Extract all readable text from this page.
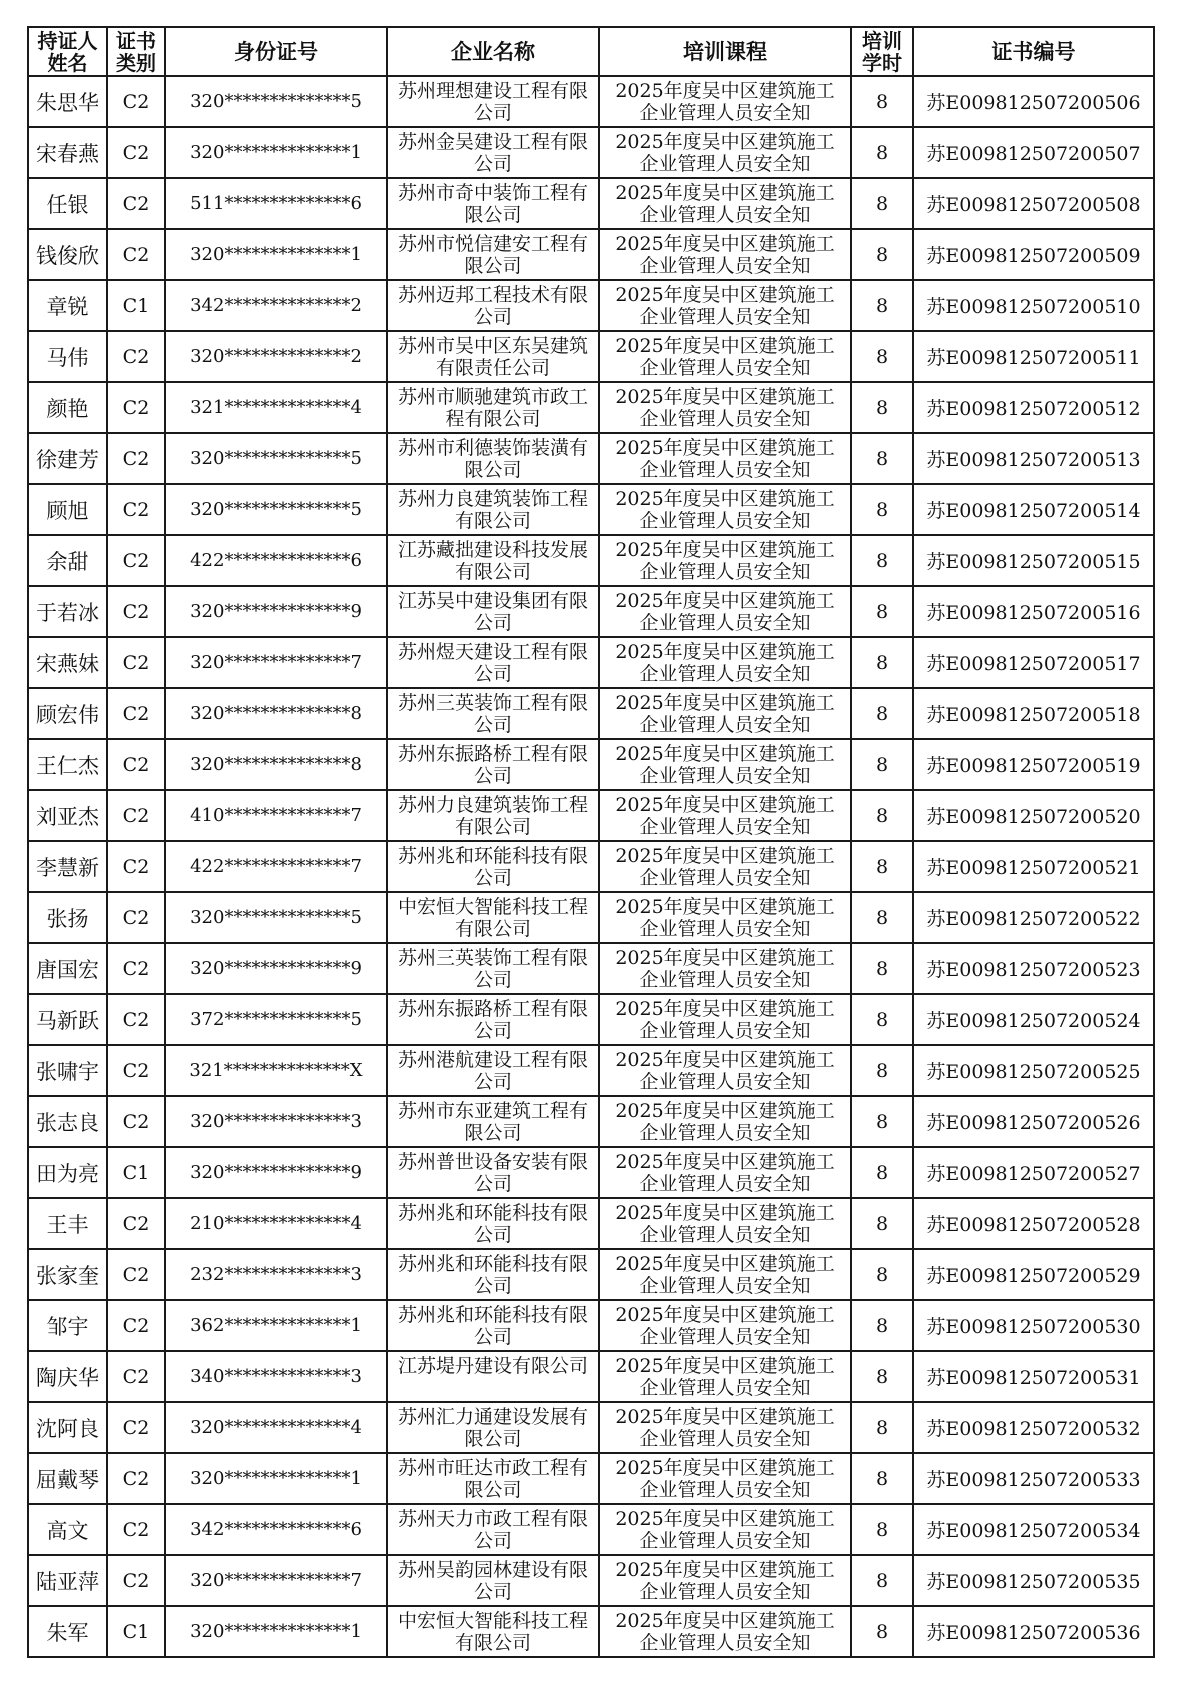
持证人姓名	证书类别	身份证号	企业名称	培训课程	培训学时	证书编号
朱思华	C2	320**************5	苏州理想建设工程有限公司	2025年度吴中区建筑施工企业管理人员安全知	8	苏E009812507200506
宋春燕	C2	320**************1	苏州金吴建设工程有限公司	2025年度吴中区建筑施工企业管理人员安全知	8	苏E009812507200507
任银	C2	511**************6	苏州市奇中装饰工程有限公司	2025年度吴中区建筑施工企业管理人员安全知	8	苏E009812507200508
钱俊欣	C2	320**************1	苏州市悦信建安工程有限公司	2025年度吴中区建筑施工企业管理人员安全知	8	苏E009812507200509
章锐	C1	342**************2	苏州迈邦工程技术有限公司	2025年度吴中区建筑施工企业管理人员安全知	8	苏E009812507200510
马伟	C2	320**************2	苏州市吴中区东吴建筑有限责任公司	2025年度吴中区建筑施工企业管理人员安全知	8	苏E009812507200511
颜艳	C2	321**************4	苏州市顺驰建筑市政工程有限公司	2025年度吴中区建筑施工企业管理人员安全知	8	苏E009812507200512
徐建芳	C2	320**************5	苏州市利德装饰装潢有限公司	2025年度吴中区建筑施工企业管理人员安全知	8	苏E009812507200513
顾旭	C2	320**************5	苏州力良建筑装饰工程有限公司	2025年度吴中区建筑施工企业管理人员安全知	8	苏E009812507200514
余甜	C2	422**************6	江苏藏拙建设科技发展有限公司	2025年度吴中区建筑施工企业管理人员安全知	8	苏E009812507200515
于若冰	C2	320**************9	江苏吴中建设集团有限公司	2025年度吴中区建筑施工企业管理人员安全知	8	苏E009812507200516
宋燕妹	C2	320**************7	苏州煜天建设工程有限公司	2025年度吴中区建筑施工企业管理人员安全知	8	苏E009812507200517
顾宏伟	C2	320**************8	苏州三英装饰工程有限公司	2025年度吴中区建筑施工企业管理人员安全知	8	苏E009812507200518
王仁杰	C2	320**************8	苏州东振路桥工程有限公司	2025年度吴中区建筑施工企业管理人员安全知	8	苏E009812507200519
刘亚杰	C2	410**************7	苏州力良建筑装饰工程有限公司	2025年度吴中区建筑施工企业管理人员安全知	8	苏E009812507200520
李慧新	C2	422**************7	苏州兆和环能科技有限公司	2025年度吴中区建筑施工企业管理人员安全知	8	苏E009812507200521
张扬	C2	320**************5	中宏恒大智能科技工程有限公司	2025年度吴中区建筑施工企业管理人员安全知	8	苏E009812507200522
唐国宏	C2	320**************9	苏州三英装饰工程有限公司	2025年度吴中区建筑施工企业管理人员安全知	8	苏E009812507200523
马新跃	C2	372**************5	苏州东振路桥工程有限公司	2025年度吴中区建筑施工企业管理人员安全知	8	苏E009812507200524
张啸宇	C2	321**************X	苏州港航建设工程有限公司	2025年度吴中区建筑施工企业管理人员安全知	8	苏E009812507200525
张志良	C2	320**************3	苏州市东亚建筑工程有限公司	2025年度吴中区建筑施工企业管理人员安全知	8	苏E009812507200526
田为亮	C1	320**************9	苏州普世设备安装有限公司	2025年度吴中区建筑施工企业管理人员安全知	8	苏E009812507200527
王丰	C2	210**************4	苏州兆和环能科技有限公司	2025年度吴中区建筑施工企业管理人员安全知	8	苏E009812507200528
张家奎	C2	232**************3	苏州兆和环能科技有限公司	2025年度吴中区建筑施工企业管理人员安全知	8	苏E009812507200529
邹宇	C2	362**************1	苏州兆和环能科技有限公司	2025年度吴中区建筑施工企业管理人员安全知	8	苏E009812507200530
陶庆华	C2	340**************3	江苏堤丹建设有限公司	2025年度吴中区建筑施工企业管理人员安全知	8	苏E009812507200531
沈阿良	C2	320**************4	苏州汇力通建设发展有限公司	2025年度吴中区建筑施工企业管理人员安全知	8	苏E009812507200532
屈戴琴	C2	320**************1	苏州市旺达市政工程有限公司	2025年度吴中区建筑施工企业管理人员安全知	8	苏E009812507200533
高文	C2	342**************6	苏州天力市政工程有限公司	2025年度吴中区建筑施工企业管理人员安全知	8	苏E009812507200534
陆亚萍	C2	320**************7	苏州吴韵园林建设有限公司	2025年度吴中区建筑施工企业管理人员安全知	8	苏E009812507200535
朱军	C1	320**************1	中宏恒大智能科技工程有限公司	2025年度吴中区建筑施工企业管理人员安全知	8	苏E009812507200536
